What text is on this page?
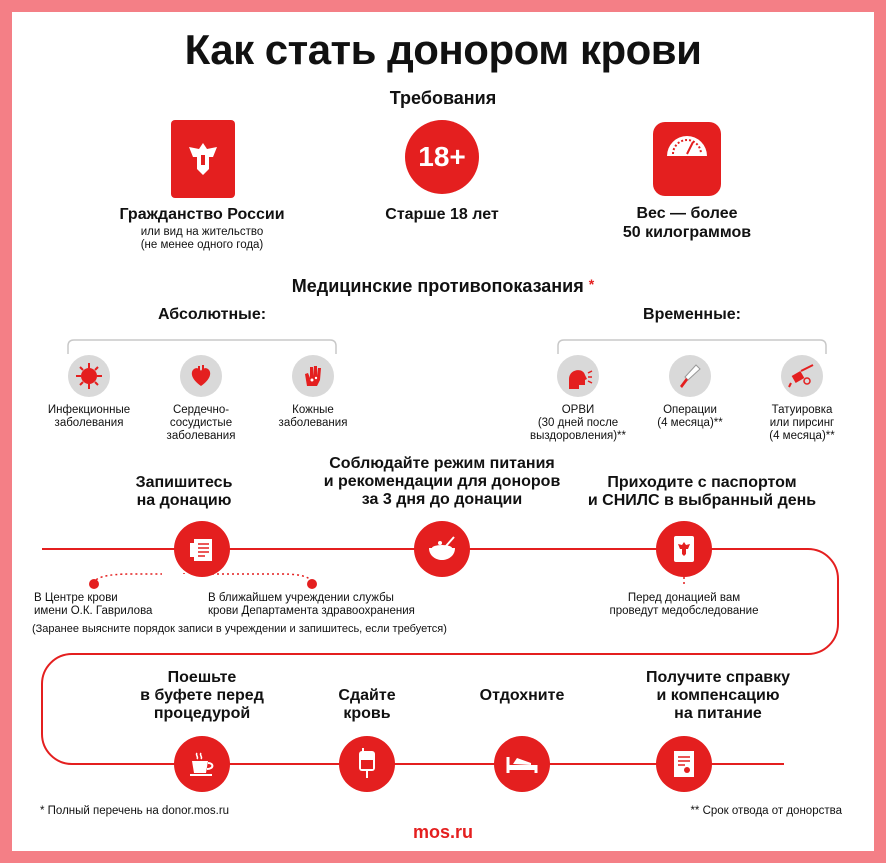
Как стать донором крови
Требования
Гражданство России
или вид на жительство
(не менее одного года)
18+
Старше 18 лет	Вес — более
50 килограммов
Медицинские противопоказания *
Абсолютные:	Временные:
Инфекционные
заболевания
Сердечно-
сосудистые
заболевания
Кожные
заболевания
ОРВИ
(30 дней после
выздоровления)**
Операции
(4 месяца)**
Татуировка
или пирсинг
(4 месяца)**
Запишитесь
на донацию
Соблюдайте режим питания
и рекомендации для доноров
за 3 дня до донации
Приходите с паспортом
и СНИЛС в выбранный день
В Центре крови
имени О.К. Гаврилова
В ближайшем учреждении службы
крови Департамента здравоохранения
(Заранее выясните порядок записи в учреждении и запишитесь, если требуется)
Перед донацией вам
проведут медобследование
Поешьте
в буфете перед
процедурой
Сдайте
кровь
Отдохните
Получите справку
и компенсацию
на питание
* Полный перечень на donor.mos.ru	** Срок отвода от донорства
mos.ru
